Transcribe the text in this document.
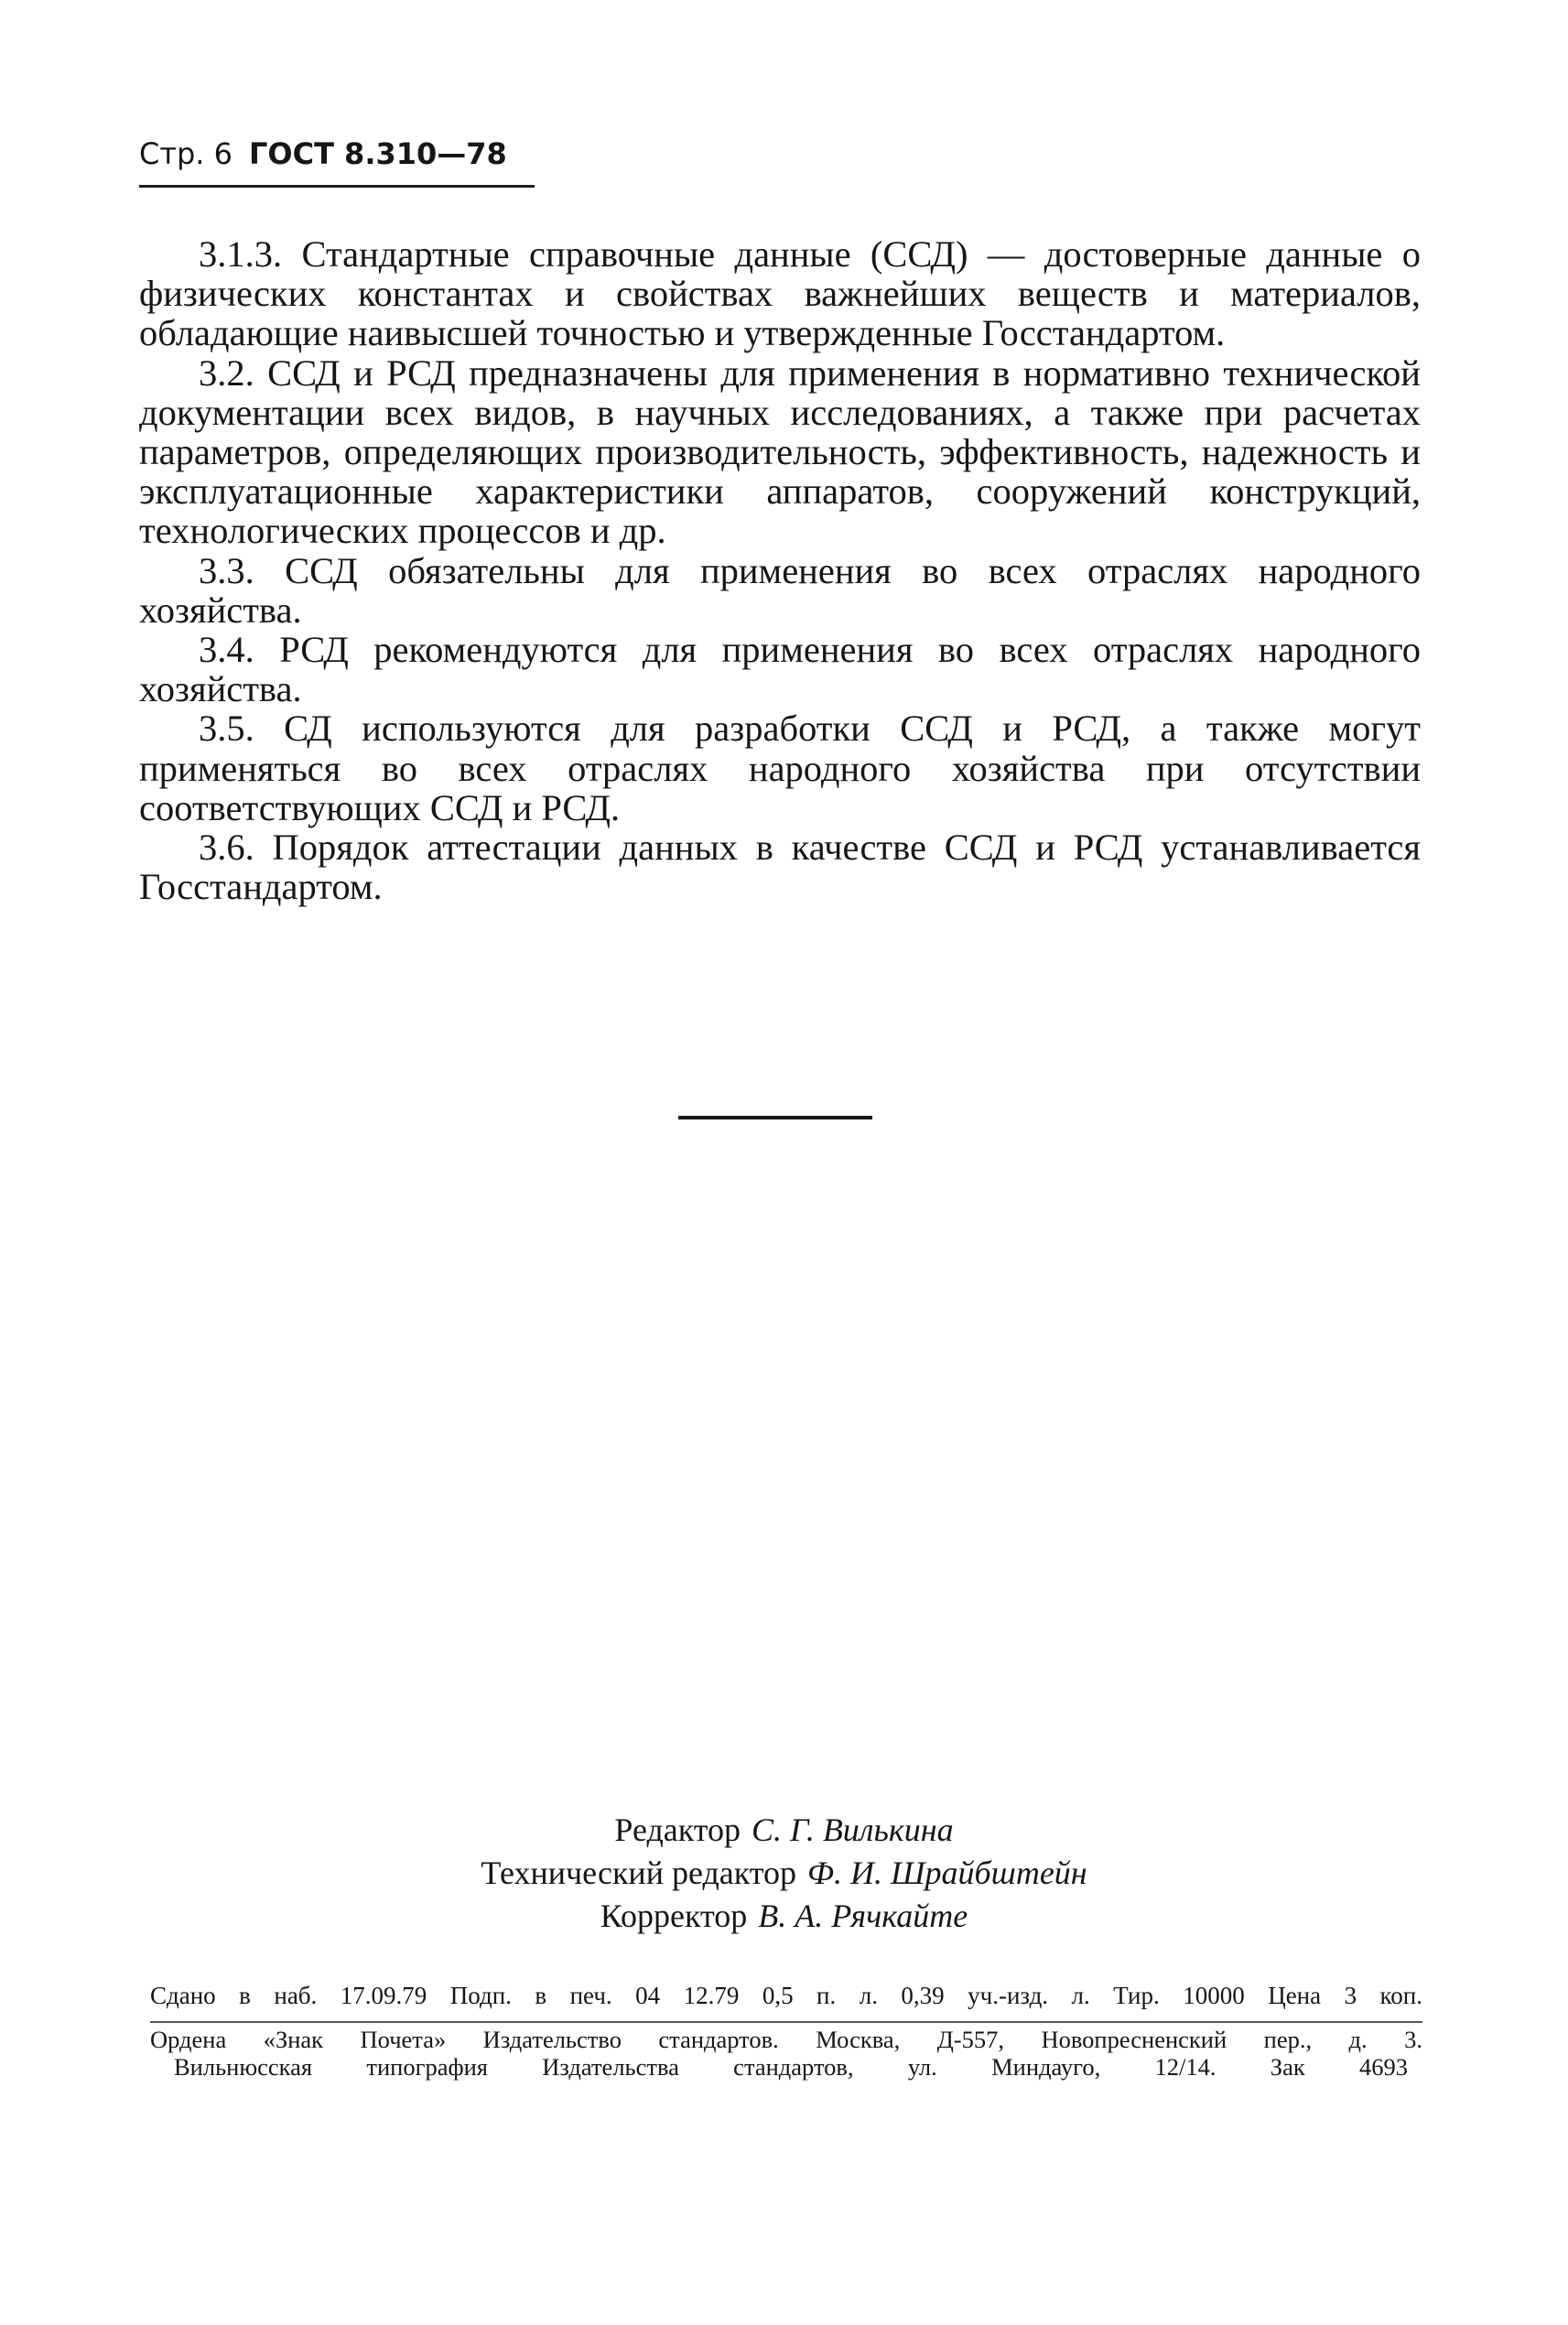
Стр. 6 ГОСТ 8.310—78

3.1.3. Стандартные справочные данные (ССД) — достоверные данные о физических константах и свойствах важнейших веществ и материалов, обладающие наивысшей точностью и утвержденные Госстандартом.

3.2. ССД и РСД предназначены для применения в нормативно технической документации всех видов, в научных исследованиях, а также при расчетах параметров, определяющих производительность, эффективность, надежность и эксплуатационные характеристики аппаратов, сооружений конструкций, технологических процессов и др.

3.3. ССД обязательны для применения во всех отраслях народного хозяйства.

3.4. РСД рекомендуются для применения во всех отраслях народного хозяйства.

3.5. СД используются для разработки ССД и РСД, а также могут применяться во всех отраслях народного хозяйства при отсутствии соответствующих ССД и РСД.

3.6. Порядок аттестации данных в качестве ССД и РСД устанавливается Госстандартом.

Редактор С. Г. Вилькина
Технический редактор Ф. И. Шрайбштейн
Корректор В. А. Рячкайте
Сдано в наб. 17.09.79 Подп. в печ. 04 12.79 0,5 п. л. 0,39 уч.-изд. л. Тир. 10000 Цена 3 коп.
Ордена «Знак Почета» Издательство стандартов. Москва, Д-557, Новопресненский пер., д. 3.
Вильнюсская типография Издательства стандартов, ул. Миндауго, 12/14. Зак 4693
